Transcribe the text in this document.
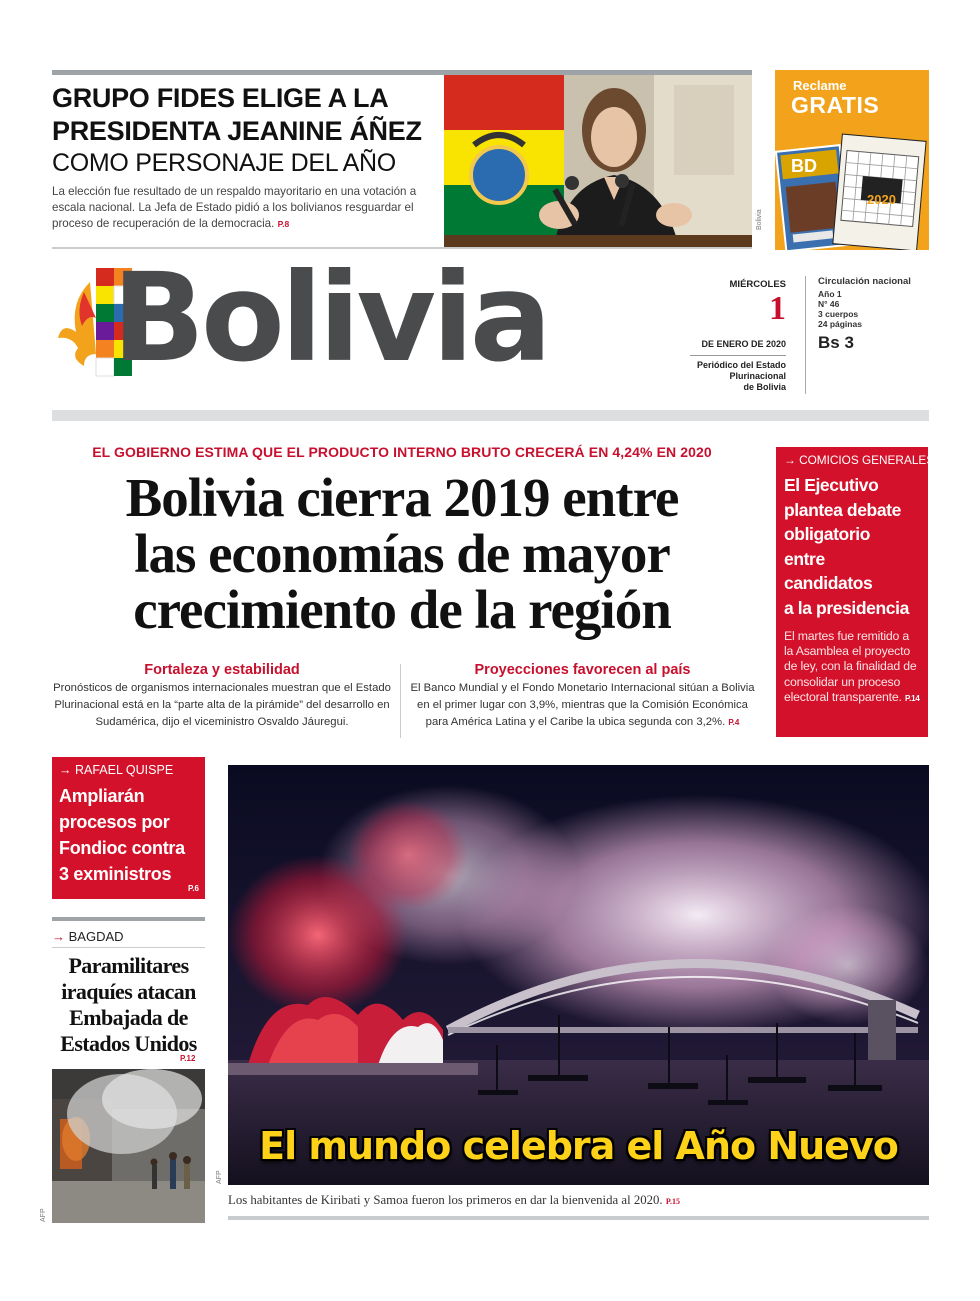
GRUPO FIDES ELIGE A LA
PRESIDENTA JEANINE ÁÑEZ
COMO PERSONAJE DEL AÑO
La elección fue resultado de un respaldo mayoritario en una votación a escala nacional. La Jefa de Estado pidió a los bolivianos resguardar el proceso de recuperación de la democracia. P.8	Bolivia
Reclame
GRATIS
BD
2020
Bolivia	MIÉRCOLES
1
DE ENERO DE 2020
Periódico del Estado
Plurinacional
de Bolivia
Circulación nacional
Año 1
N° 46
3 cuerpos
24 páginas
Bs 3
EL GOBIERNO ESTIMA QUE EL PRODUCTO INTERNO BRUTO CRECERÁ EN 4,24% EN 2020
Bolivia cierra 2019 entre
las economías de mayor
crecimiento de la región
Fortaleza y estabilidad
Pronósticos de organismos internacionales muestran que el Estado Plurinacional está en la “parte alta de la pirámide” del desarrollo en Sudamérica, dijo el viceministro Osvaldo Jáuregui.
Proyecciones favorecen al país
El Banco Mundial y el Fondo Monetario Internacional sitúan a Bolivia en el primer lugar con 3,9%, mientras que la Comisión Económica para América Latina y el Caribe la ubica segunda con 3,2%. P.4
→ COMICIOS GENERALES
El Ejecutivo
plantea debate
obligatorio
entre
candidatos
a la presidencia
El martes fue remitido a la Asamblea el proyecto de ley, con la finalidad de consolidar un proceso electoral transparente. P.14
→ RAFAEL QUISPE
Ampliarán
procesos por
Fondioc contra
3 exministros
P.6
→ BAGDAD
Paramilitares
iraquíes atacan
Embajada de
Estados Unidos
P.12
AFP
El mundo celebra el Año Nuevo
AFP
Los habitantes de Kiribati y Samoa fueron los primeros en dar la bienvenida al 2020. P.15
